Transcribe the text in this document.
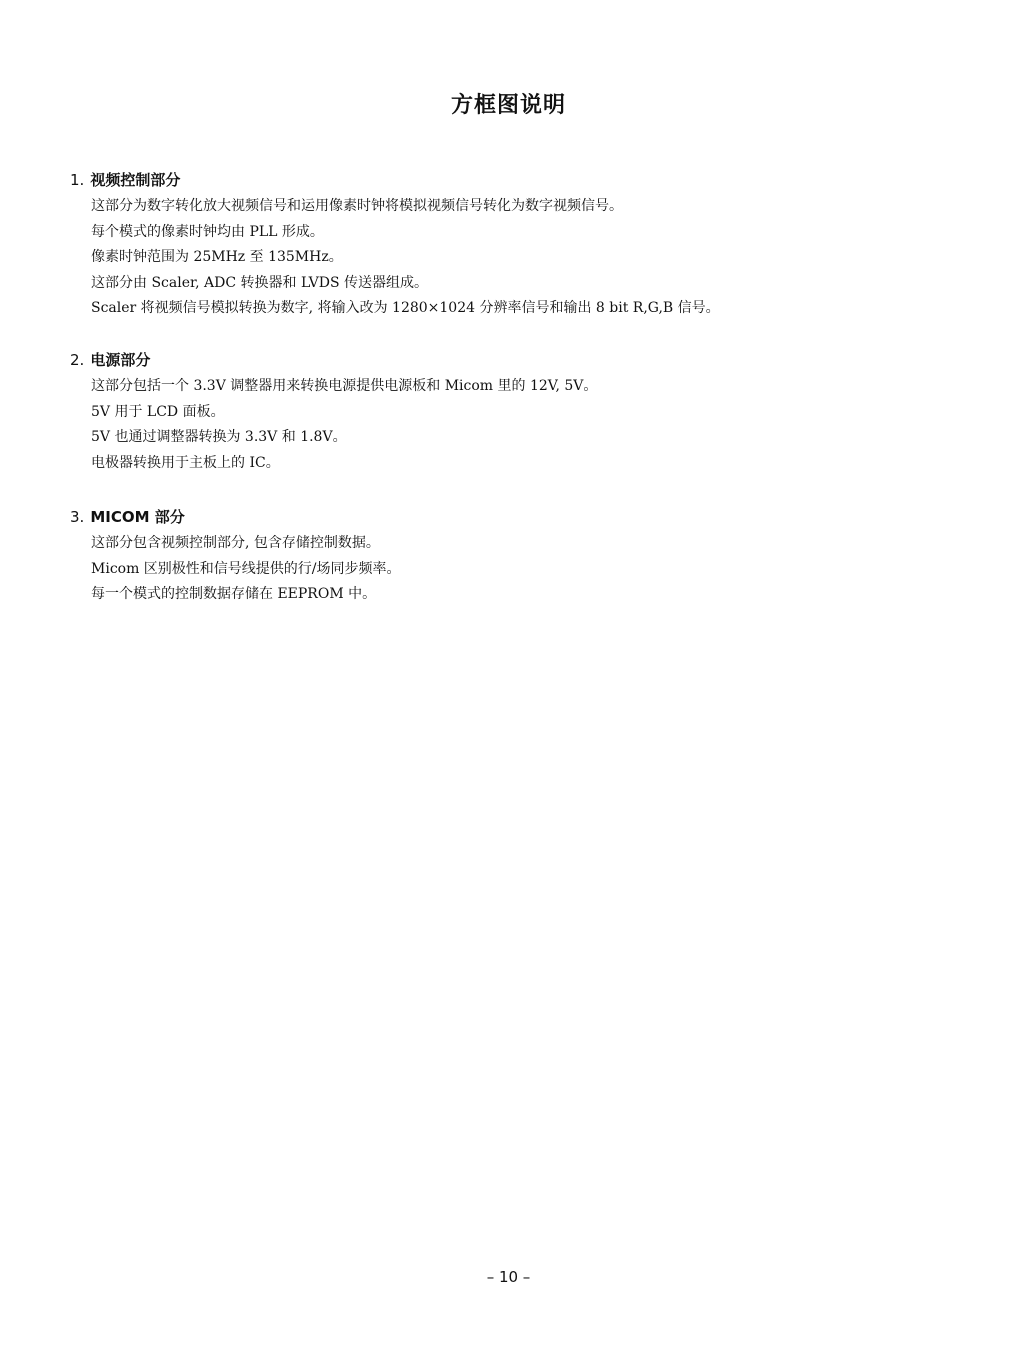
方框图说明
1. 视频控制部分
这部分为数字转化放大视频信号和运用像素时钟将模拟视频信号转化为数字视频信号。
每个模式的像素时钟均由 PLL 形成。
像素时钟范围为 25MHz 至 135MHz。
这部分由 Scaler, ADC 转换器和 LVDS 传送器组成。
Scaler 将视频信号模拟转换为数字, 将输入改为 1280×1024 分辨率信号和输出 8 bit R,G,B 信号。
2. 电源部分
这部分包括一个 3.3V 调整器用来转换电源提供电源板和 Micom 里的 12V, 5V。
5V 用于 LCD 面板。
5V 也通过调整器转换为 3.3V 和 1.8V。
电极器转换用于主板上的 IC。
3. MICOM 部分
这部分包含视频控制部分, 包含存储控制数据。
Micom 区别极性和信号线提供的行/场同步频率。
每一个模式的控制数据存储在 EEPROM 中。
– 10 –
